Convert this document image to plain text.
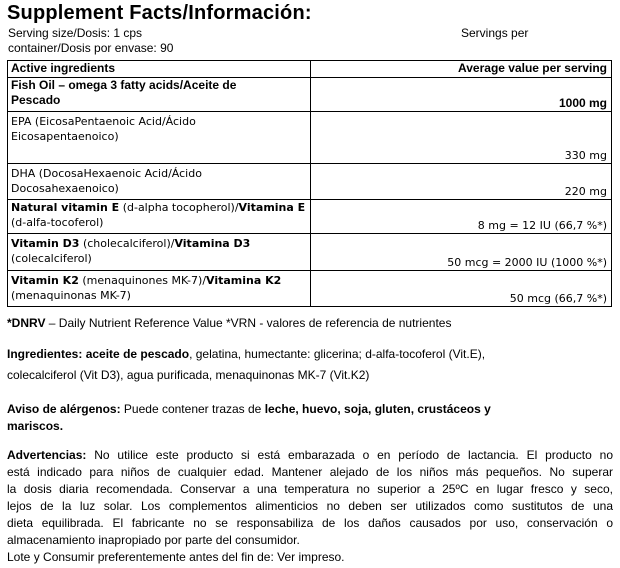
Supplement Facts/Información:
Serving size/Dosis: 1 cps
container/Dosis por envase: 90
Servings per
Active ingredients	Average value per serving

Fish Oil – omega 3 fatty acids/Aceite de
Pescado	1000 mg

EPA (EicosaPentaenoic Acid/Ácido
Eicosapentaenoico)	330 mg

DHA (DocosaHexaenoic Acid/Ácido
Docosahexaenoico)	220 mg

Natural vitamin E (d-alpha tocopherol)/Vitamina E
(d-alfa-tocoferol)	8 mg = 12 IU (66,7 %*)

Vitamin D3 (cholecalciferol)/Vitamina D3
(colecalciferol)	50 mcg = 2000 IU (1000 %*)

Vitamin K2 (menaquinones MK-7)/Vitamina K2
(menaquinonas MK-7)	50 mcg (66,7 %*)
*DNRV – Daily Nutrient Reference Value *VRN - valores de referencia de nutrientes
Ingredientes: aceite de pescado, gelatina, humectante: glicerina; d-alfa-tocoferol (Vit.E),
colecalciferol (Vit D3), agua purificada, menaquinonas MK-7 (Vit.K2)
Aviso de alérgenos: Puede contener trazas de leche, huevo, soja, gluten, crustáceos y
mariscos.
Advertencias: No utilice este producto si está embarazada o en período de lactancia. El producto no
está indicado para niños de cualquier edad. Mantener alejado de los niños más pequeños. No superar
la dosis diaria recomendada. Conservar a una temperatura no superior a 25ºC en lugar fresco y seco,
lejos de la luz solar. Los complementos alimenticios no deben ser utilizados como sustitutos de una
dieta equilibrada. El fabricante no se responsabiliza de los daños causados por uso, conservación o
almacenamiento inapropiado por parte del consumidor.
Lote y Consumir preferentemente antes del fin de: Ver impreso.
